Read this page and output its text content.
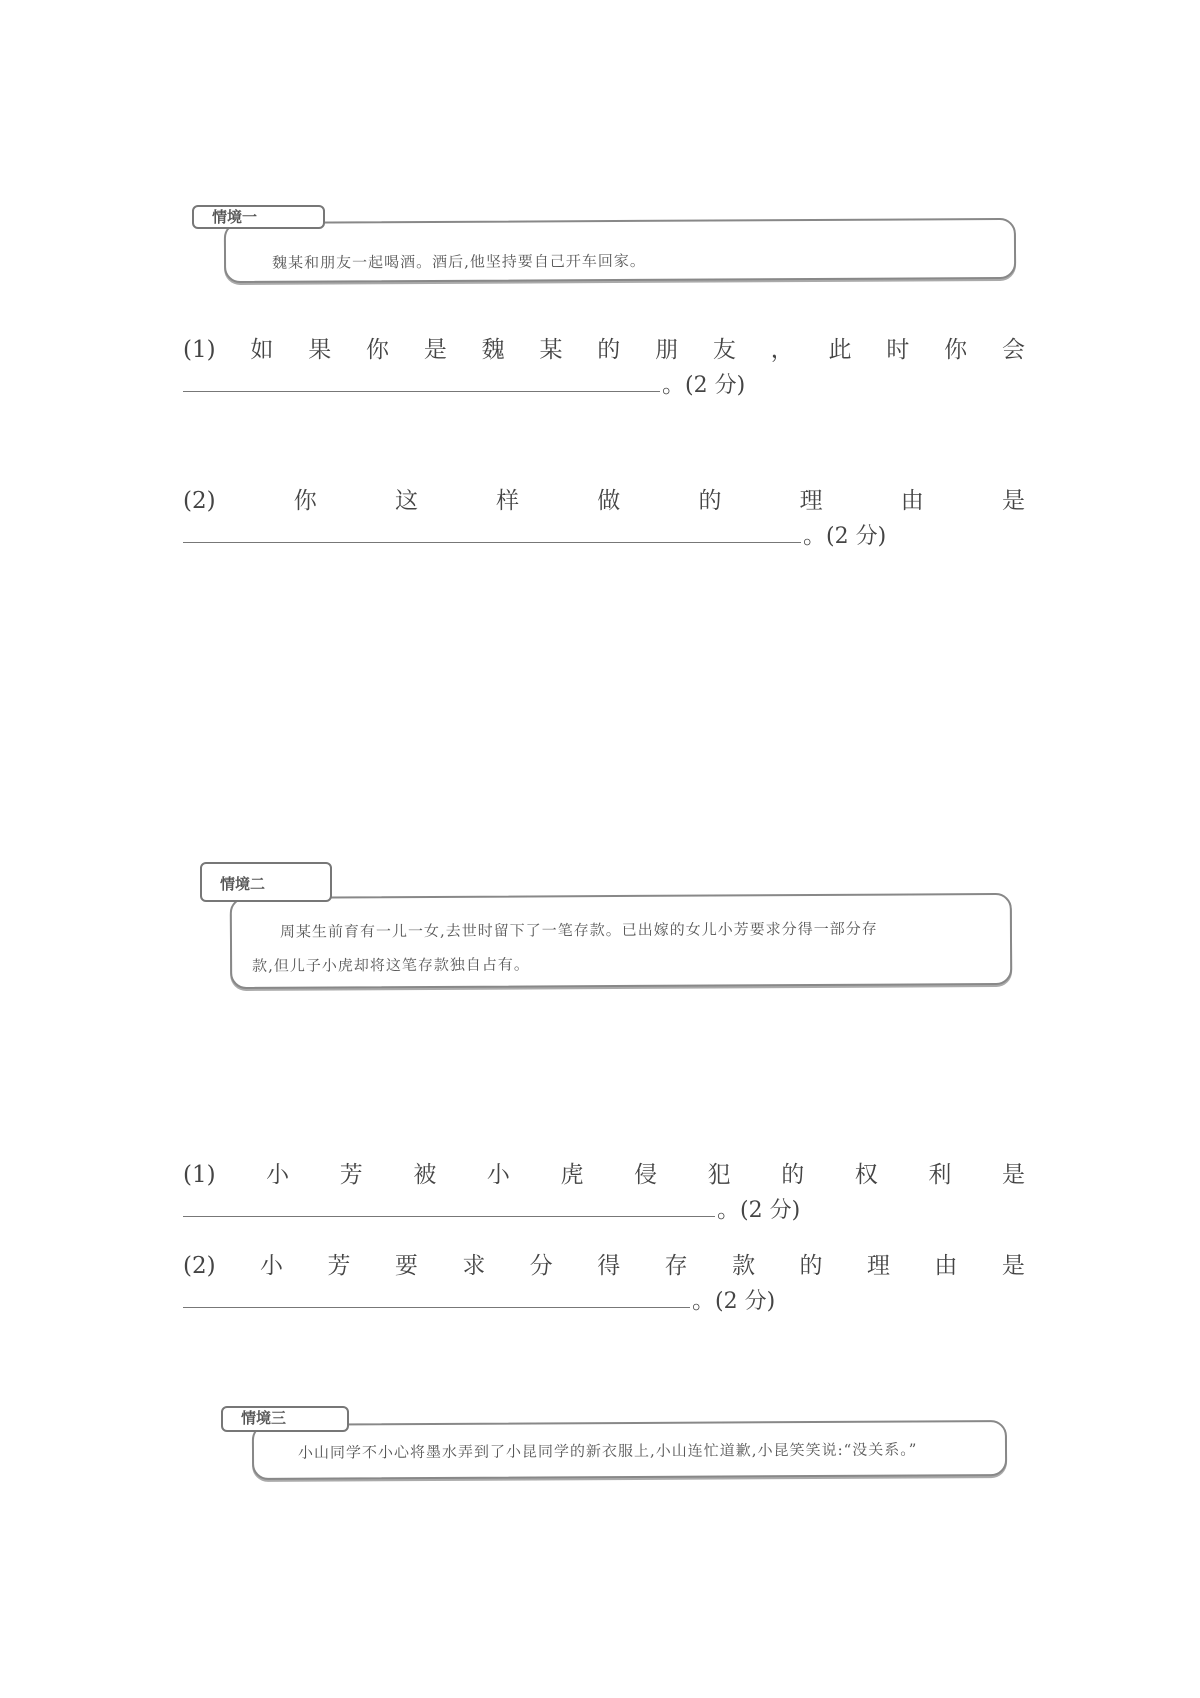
情境一
魏某和朋友一起喝酒。酒后,他坚持要自己开车回家。
(1) 如 果 你 是 魏 某 的 朋 友 ， 此 时 你 会
。(2 分)
(2)	你	这	样	做	的	理	由	是
。(2 分)
情境二
周某生前育有一儿一女,去世时留下了一笔存款。已出嫁的女儿小芳要求分得一部分存
款,但儿子小虎却将这笔存款独自占有。
(1) 小 芳 被 小 虎 侵 犯 的 权 利 是
。(2 分)
(2) 小 芳 要 求 分 得 存 款 的 理 由 是
。(2 分)
情境三
小山同学不小心将墨水弄到了小昆同学的新衣服上,小山连忙道歉,小昆笑笑说:“没关系。”
